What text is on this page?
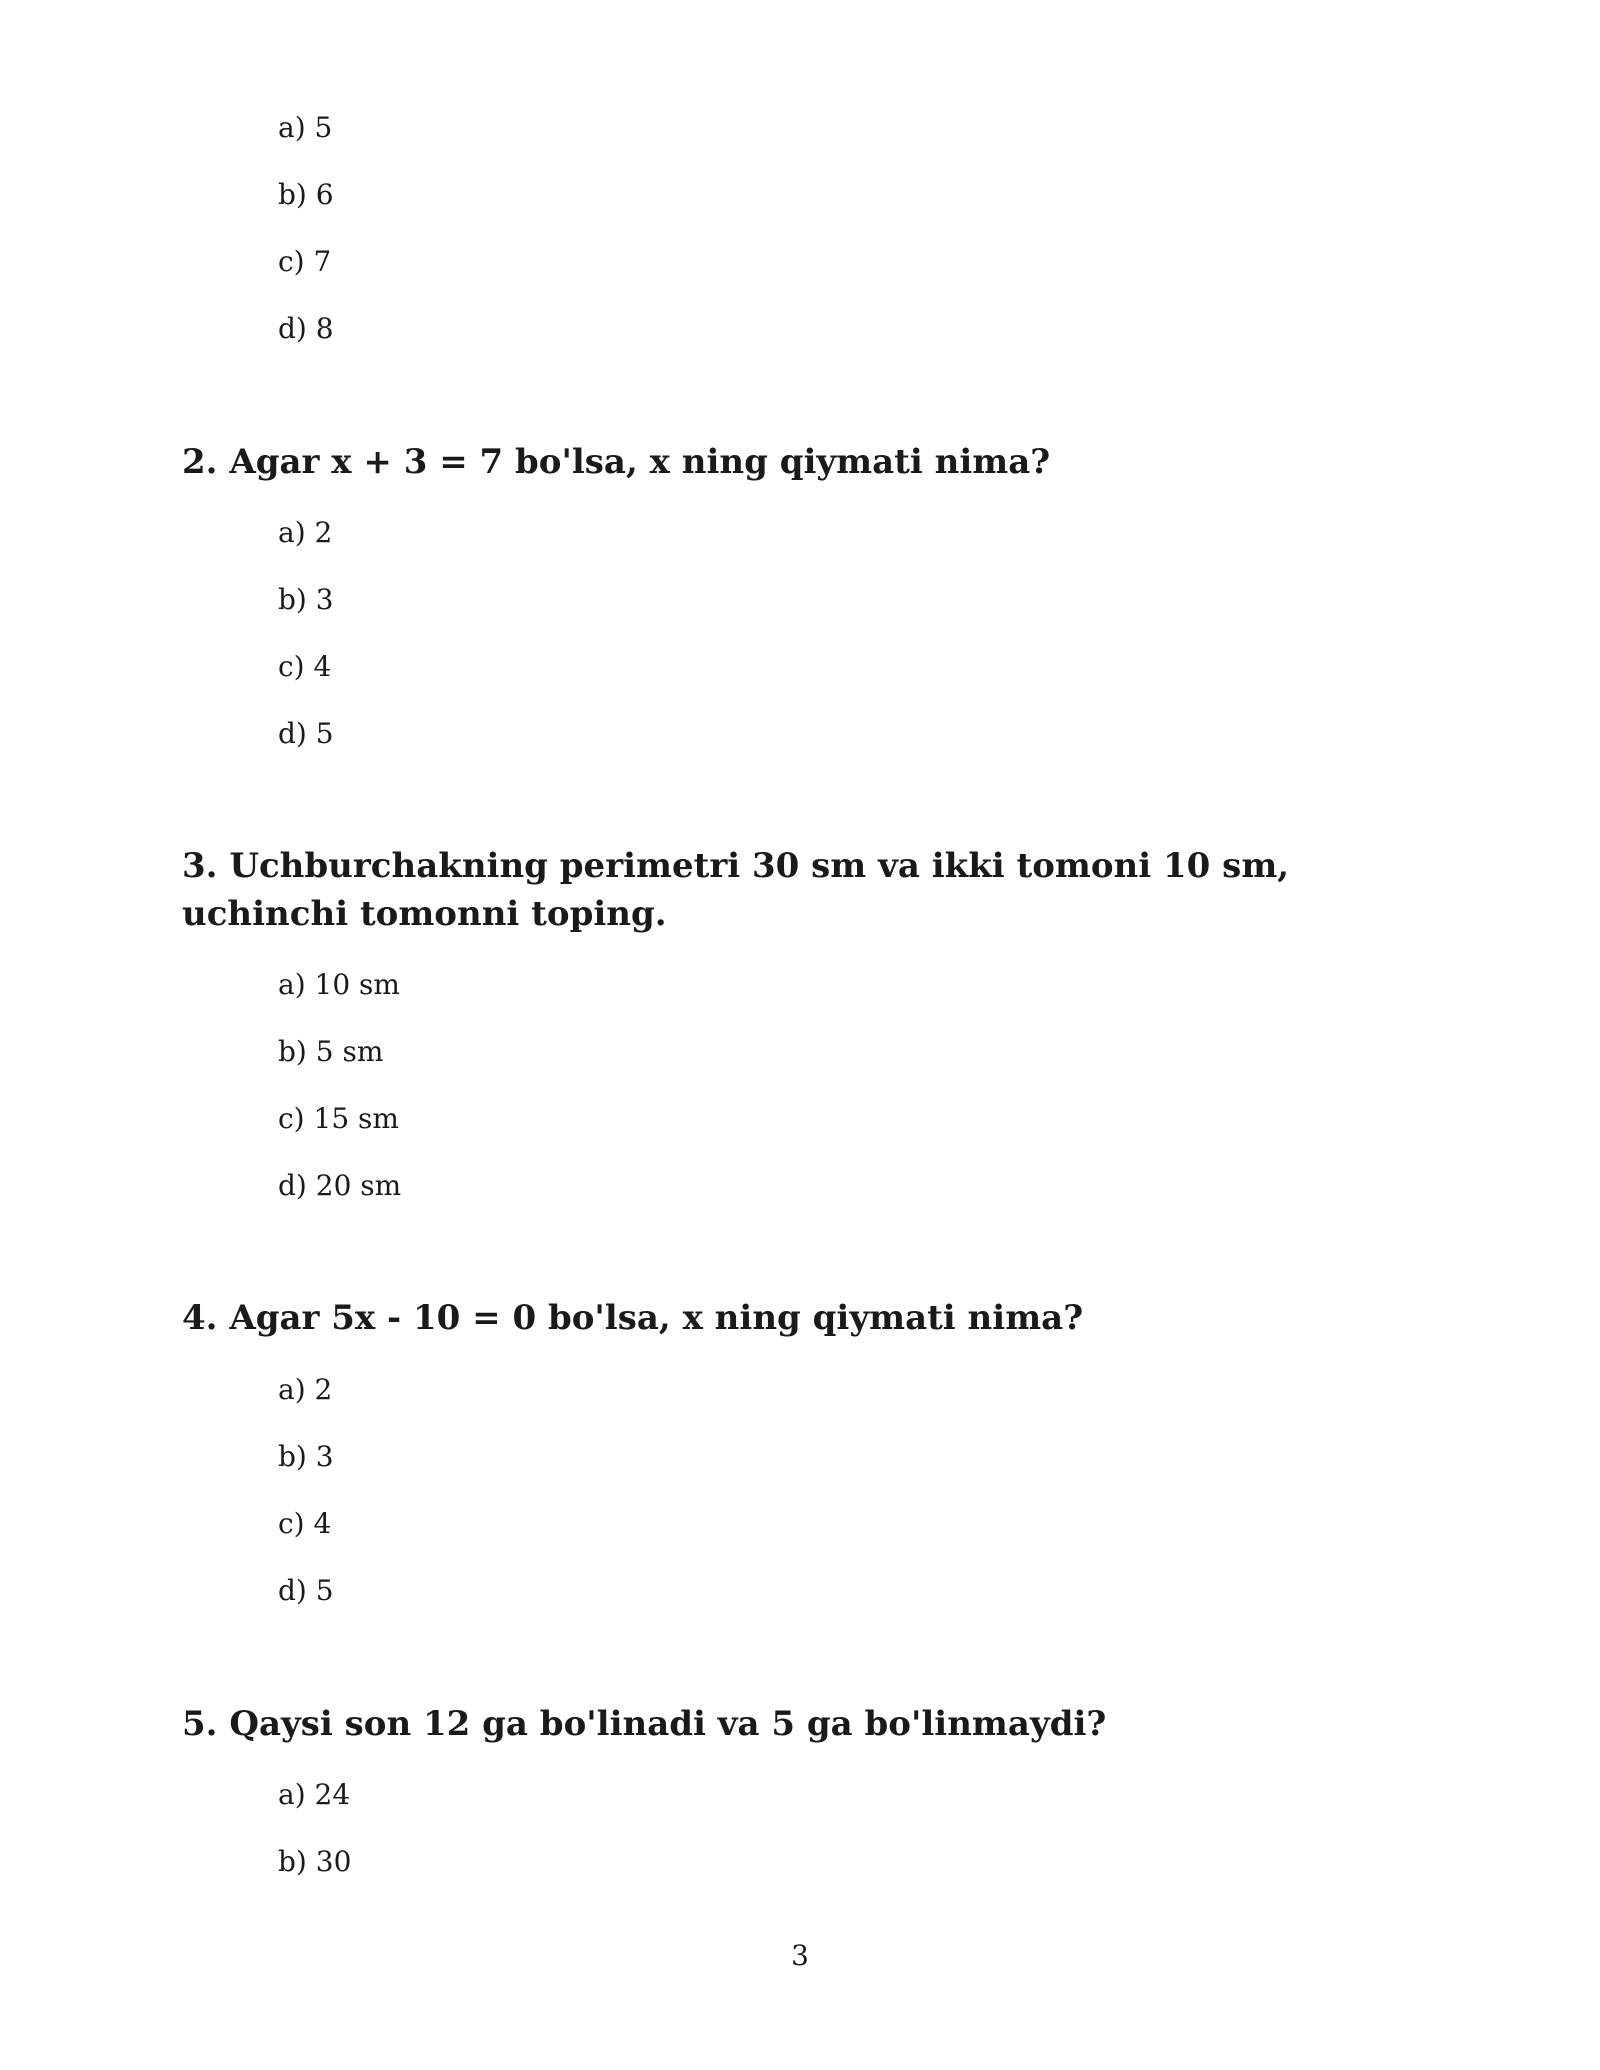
a) 5
b) 6
c) 7
d) 8
2. Agar x + 3 = 7 bo'lsa, x ning qiymati nima?
a) 2
b) 3
c) 4
d) 5
3. Uchburchakning perimetri 30 sm va ikki tomoni 10 sm, uchinchi tomonni toping.
a) 10 sm
b) 5 sm
c) 15 sm
d) 20 sm
4. Agar 5x - 10 = 0 bo'lsa, x ning qiymati nima?
a) 2
b) 3
c) 4
d) 5
5. Qaysi son 12 ga bo'linadi va 5 ga bo'linmaydi?
a) 24
b) 30
3
